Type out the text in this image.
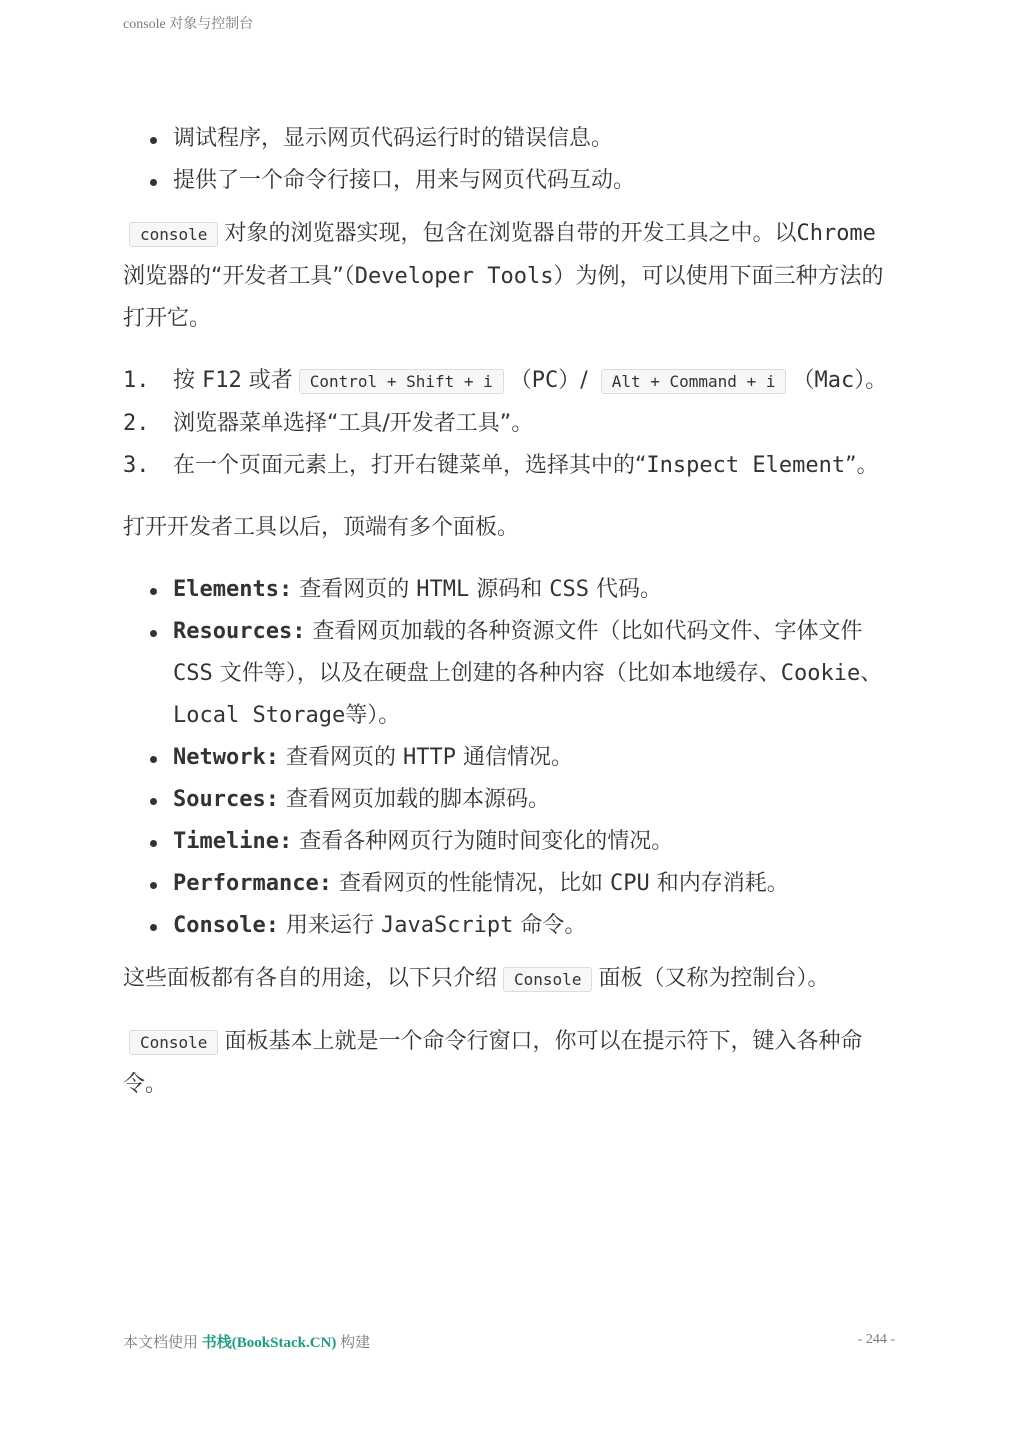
console 对象与控制台
调试程序，显示网页代码运行时的错误信息。
提供了一个命令行接口，用来与网页代码互动。

console 对象的浏览器实现，包含在浏览器自带的开发工具之中。以Chrome 浏览器的“开发者工具”（Developer Tools）为例，可以使用下面三种方法的打开它。

1. 按 F12 或者 Control + Shift + i （PC）/ Alt + Command + i （Mac）。
2. 浏览器菜单选择“工具/开发者工具”。
3. 在一个页面元素上，打开右键菜单，选择其中的“Inspect Element”。

打开开发者工具以后，顶端有多个面板。

Elements: 查看网页的 HTML 源码和 CSS 代码。
Resources: 查看网页加载的各种资源文件（比如代码文件、字体文件 CSS 文件等），以及在硬盘上创建的各种内容（比如本地缓存、Cookie、Local Storage等）。
Network: 查看网页的 HTTP 通信情况。
Sources: 查看网页加载的脚本源码。
Timeline: 查看各种网页行为随时间变化的情况。
Performance: 查看网页的性能情况，比如 CPU 和内存消耗。
Console: 用来运行 JavaScript 命令。

这些面板都有各自的用途，以下只介绍 Console 面板（又称为控制台）。

Console 面板基本上就是一个命令行窗口，你可以在提示符下，键入各种命令。

本文档使用 书栈(BookStack.CN) 构建	- 244 -
